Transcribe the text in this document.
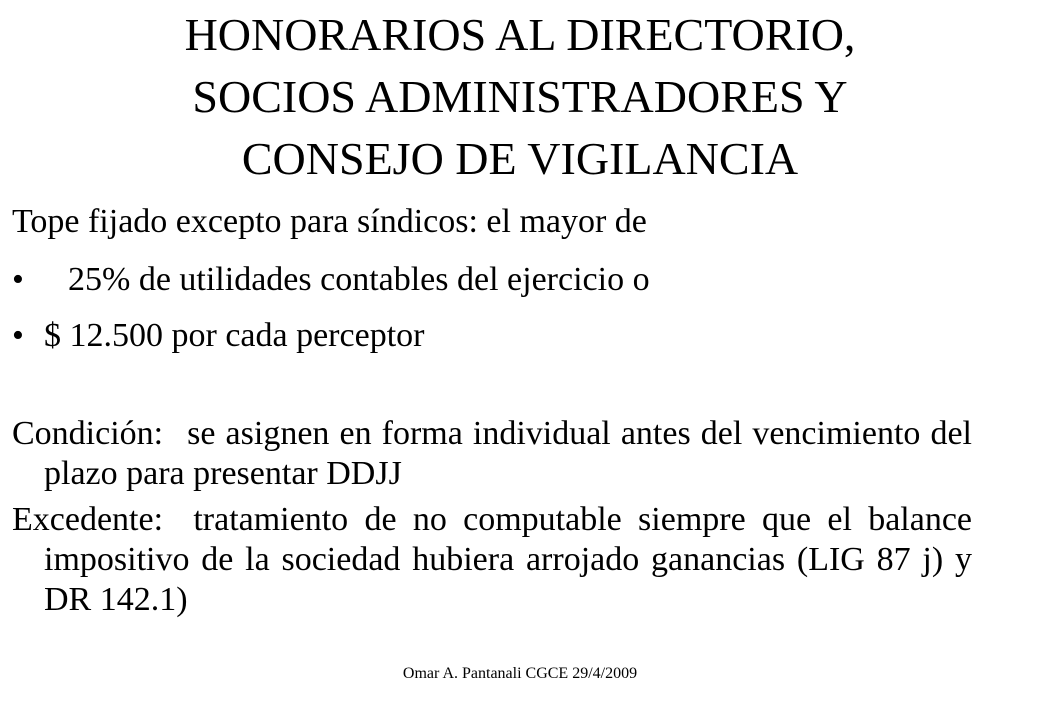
HONORARIOS AL DIRECTORIO,
SOCIOS ADMINISTRADORES Y
CONSEJO DE VIGILANCIA

Tope fijado excepto para síndicos: el mayor de

• 25% de utilidades contables del ejercicio o
• $ 12.500 por cada perceptor

Condición: se asignen en forma individual antes del vencimiento del plazo para presentar DDJJ

Excedente: tratamiento de no computable siempre que el balance impositivo de la sociedad hubiera arrojado ganancias (LIG 87 j) y DR 142.1)

Omar A. Pantanali CGCE 29/4/2009
